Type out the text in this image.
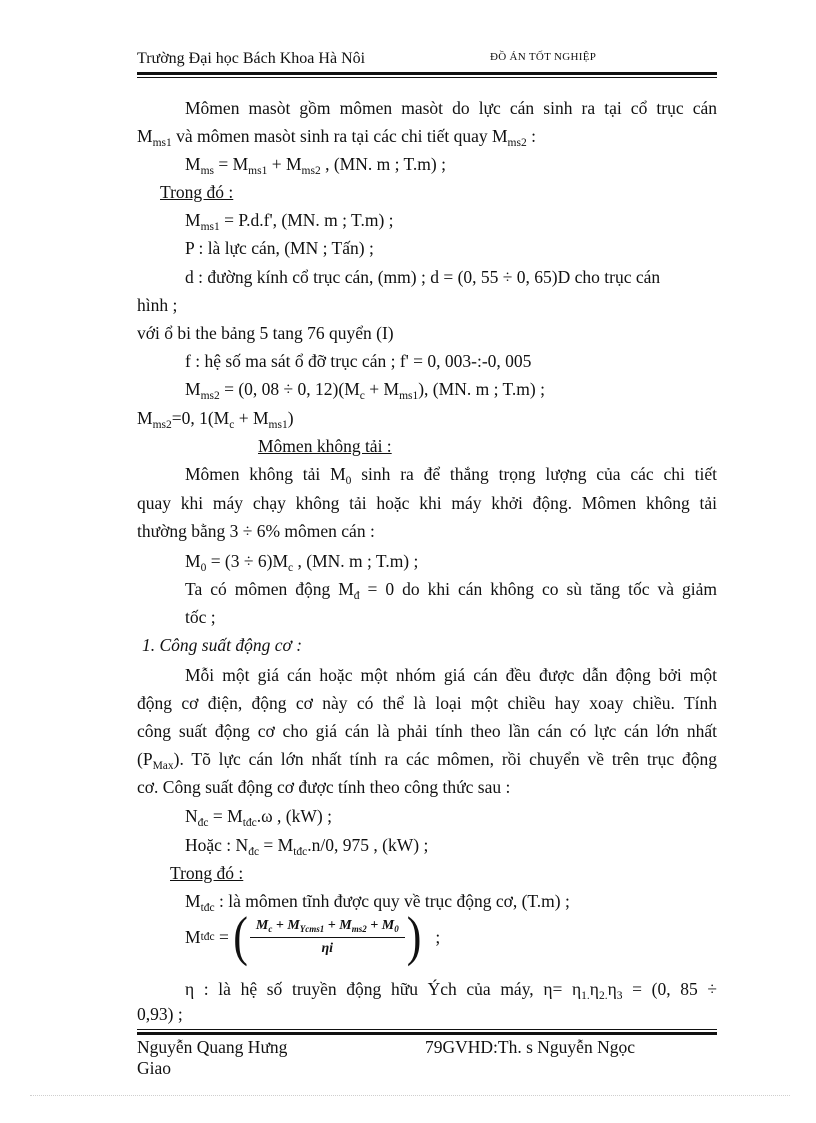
Trường Đại học Bách Khoa Hà Nôi	ĐỒ ÁN TỐT NGHIỆP
Mômen masòt gồm mômen masòt do lực cán sinh ra tại cổ trục cán
$M_{ms1}$ và mômen masòt sinh ra tại các chi tiết quay $M_{ms2}$ :
$M_{ms} = M_{ms1} + M_{ms2}$ , (MN. m ; T.m) ;
Trong đó :
$M_{ms1} = P.d.f'$, (MN. m ; T.m) ;
P : là lực cán, (MN ; Tấn) ;
d : đường kính cổ trục cán, (mm) ; d = (0, 55 ÷ 0, 65)D cho trục cán
hình ;
với ổ bi the bảng 5 tang 76 quyển (I)
f : hệ số ma sát ổ đỡ trục cán ; f' = 0, 003-:-0, 005
$M_{ms2} = (0$, 08 ÷ 0, $12)(M_c + M_{ms1})$, (MN. m ; T.m) ;
$M_{ms2}=0$, $1(M_c + M_{ms1})$
Mômen không tải :
Mômen không tải $M_0$ sinh ra để thắng trọng lượng của các chi tiết
quay khi máy chạy không tải hoặc khi máy khởi động. Mômen không tải
thường bằng 3 ÷ 6% mômen cán :
$M_0 = (3 \div 6)M_c$ , (MN. m ; T.m) ;
Ta có mômen động $M_đ = 0$ do khi cán không co sù tăng tốc và giảm
tốc ;
1. Công suất động cơ :
Mỗi một giá cán hoặc một nhóm giá cán đều được dẫn động bởi một
động cơ điện, động cơ này có thể là loại một chiều hay xoay chiều. Tính
công suất động cơ cho giá cán là phải tính theo lần cán có lực cán lớn nhất
$(P_{Max})$. Tõ lực cán lớn nhất tính ra các mômen, rồi chuyển về trên trục động
cơ. Công suất động cơ được tính theo công thức sau :
$N_{đc} = M_{tđc}.\omega$ , (kW) ;
Hoặc : $N_{đc} = M_{tđc}.n/0$, 975 , (kW) ;
Trong đó :
$M_{tđc}$ : là mômen tĩnh được quy về trục động cơ, (T.m) ;
M tđc = ( $\frac{M_c + M_{Ycms1} + M_{ms2} + M_0}{\eta i}$ ) ;
η : là hệ số truyền động hữu Ých của máy, $\eta= \eta_{1.}\eta_{2.}\eta_3 = (0$, 85 ÷
0,93) ;
Nguyễn Quang Hưng	79GVHD:Th. s Nguyễn Ngọc
Giao
